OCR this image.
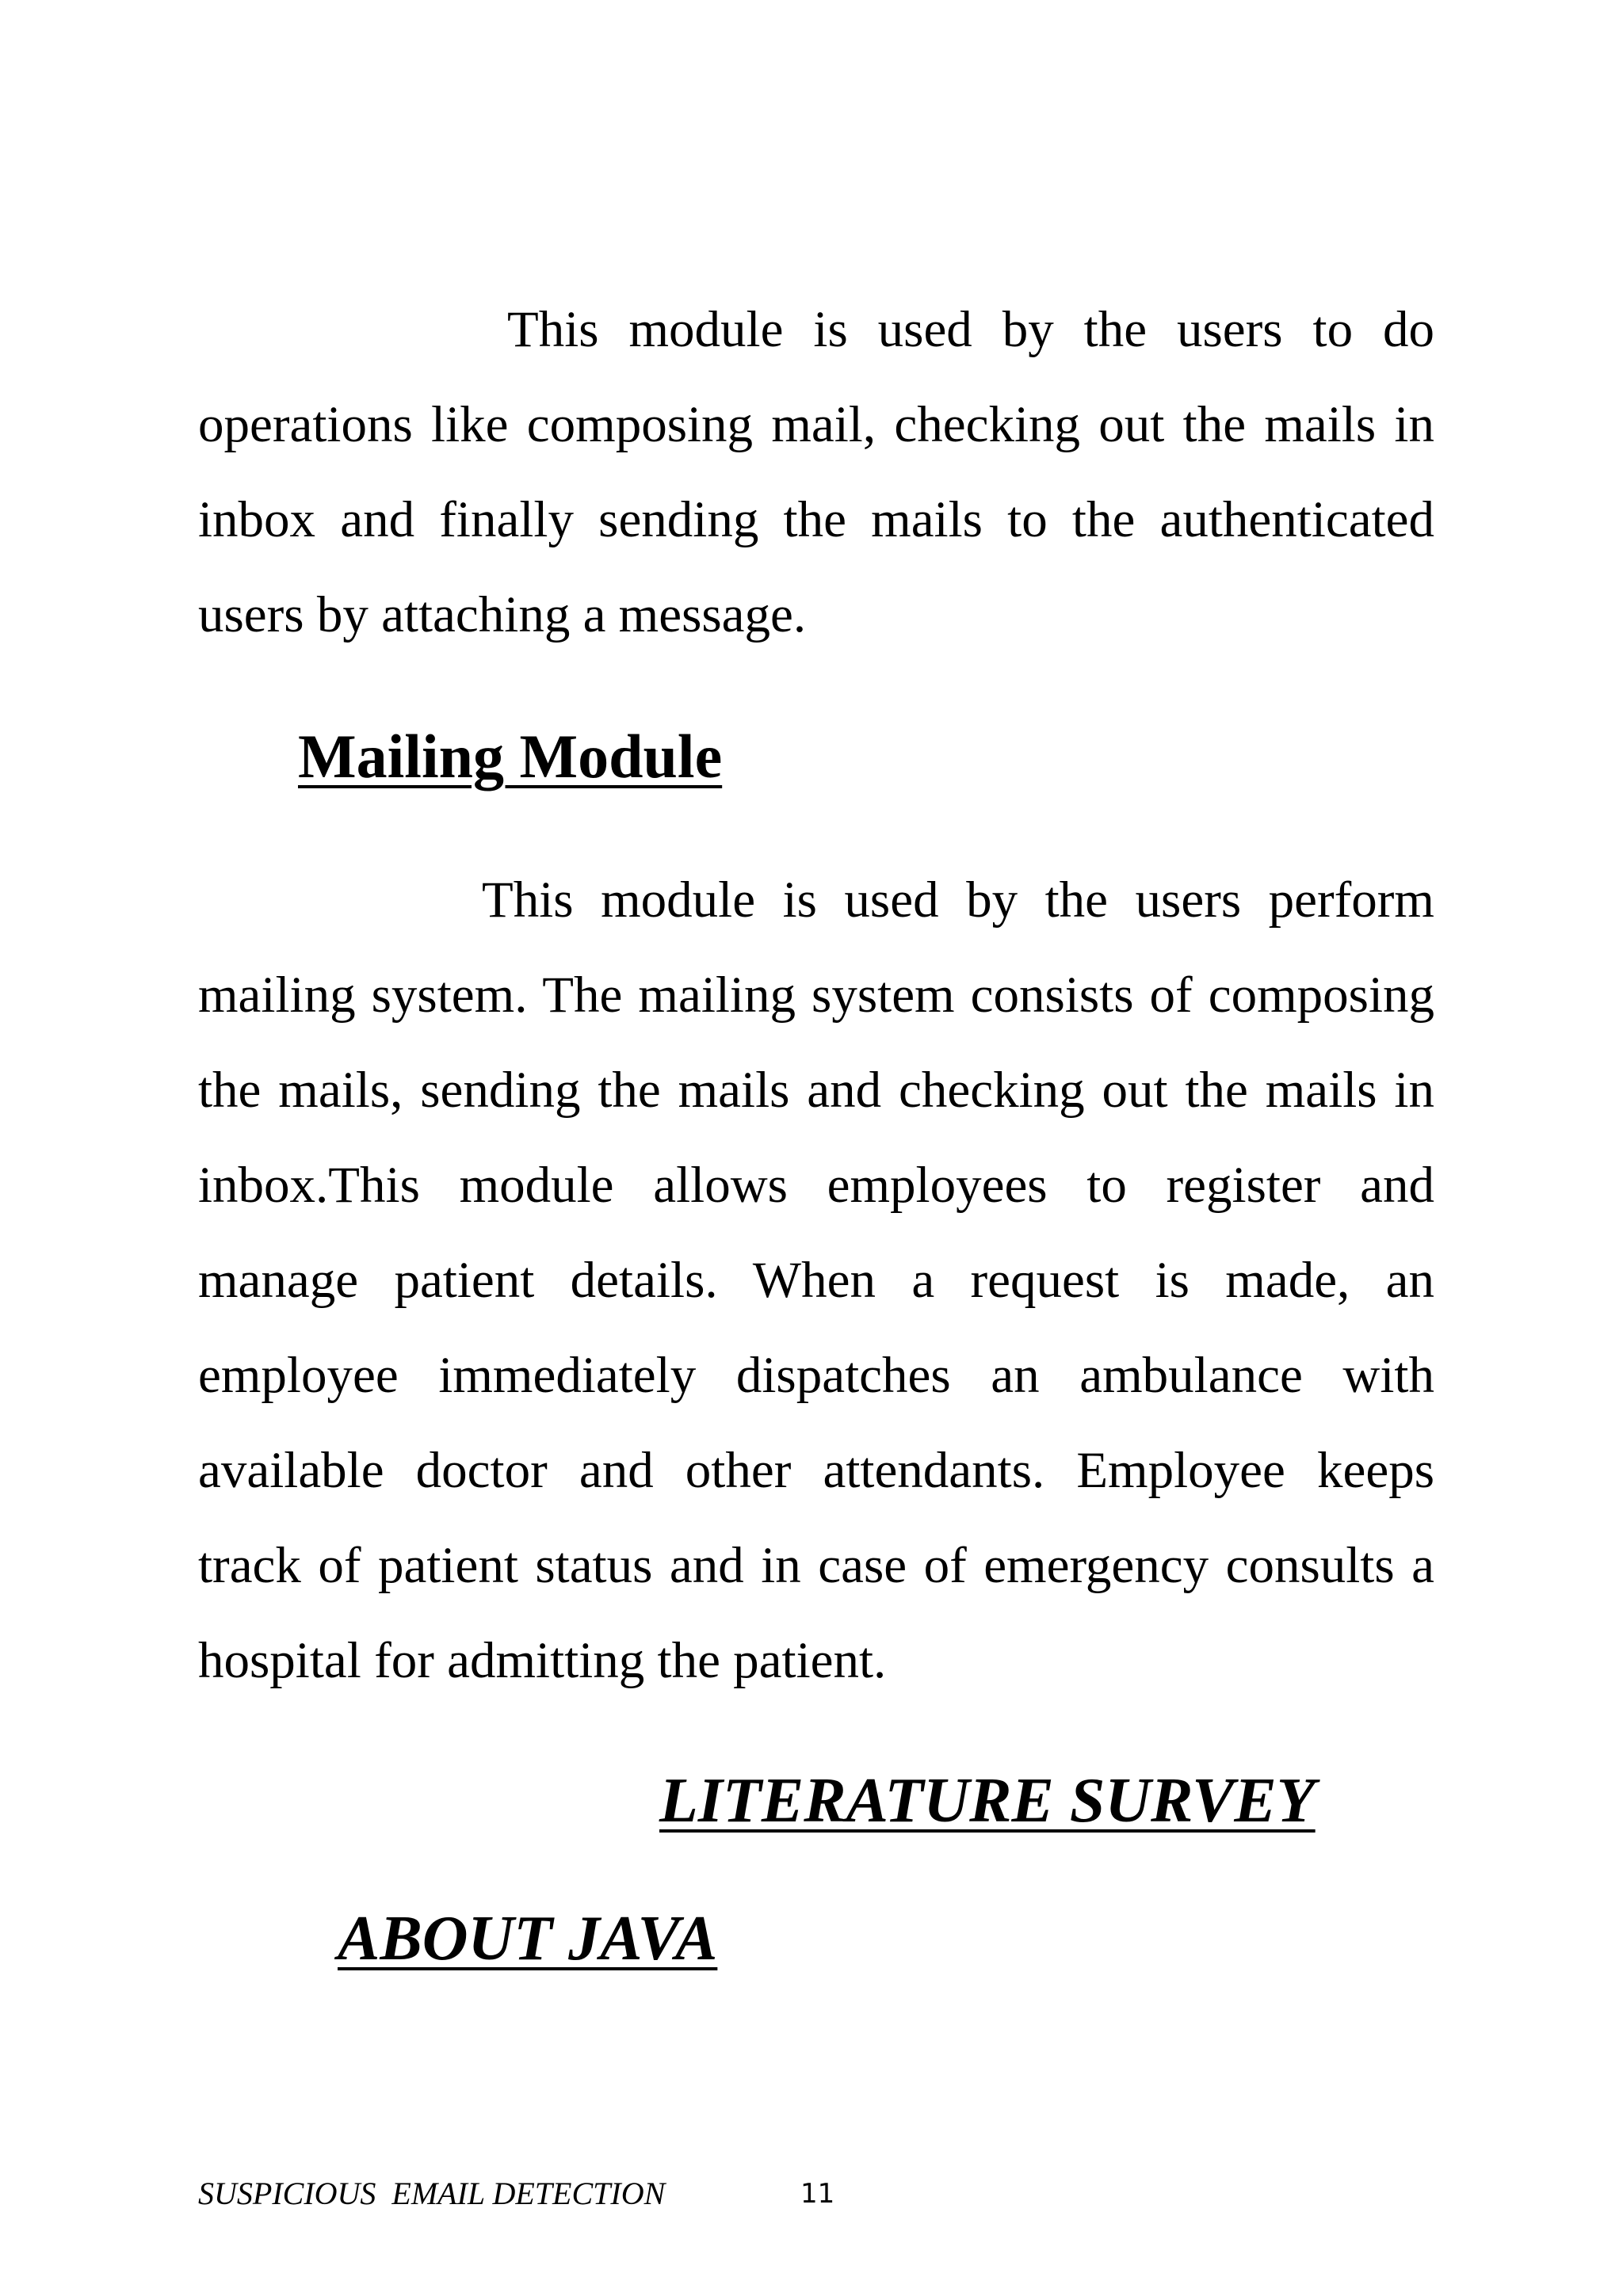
This module is used by the users to do operations like composing mail, checking out the mails in inbox and finally sending the mails to the authenticated users by attaching a message.

Mailing Module

This module is used by the users perform mailing system. The mailing system consists of composing the mails, sending the mails and checking out the mails in inbox.This module allows employees to register and manage patient details. When a request is made, an employee immediately dispatches an ambulance with available doctor and other attendants. Employee keeps track of patient status and in case of emergency consults a hospital for admitting the patient.

LITERATURE SURVEY
ABOUT JAVA
SUSPICIOUS  EMAIL DETECTION	11
